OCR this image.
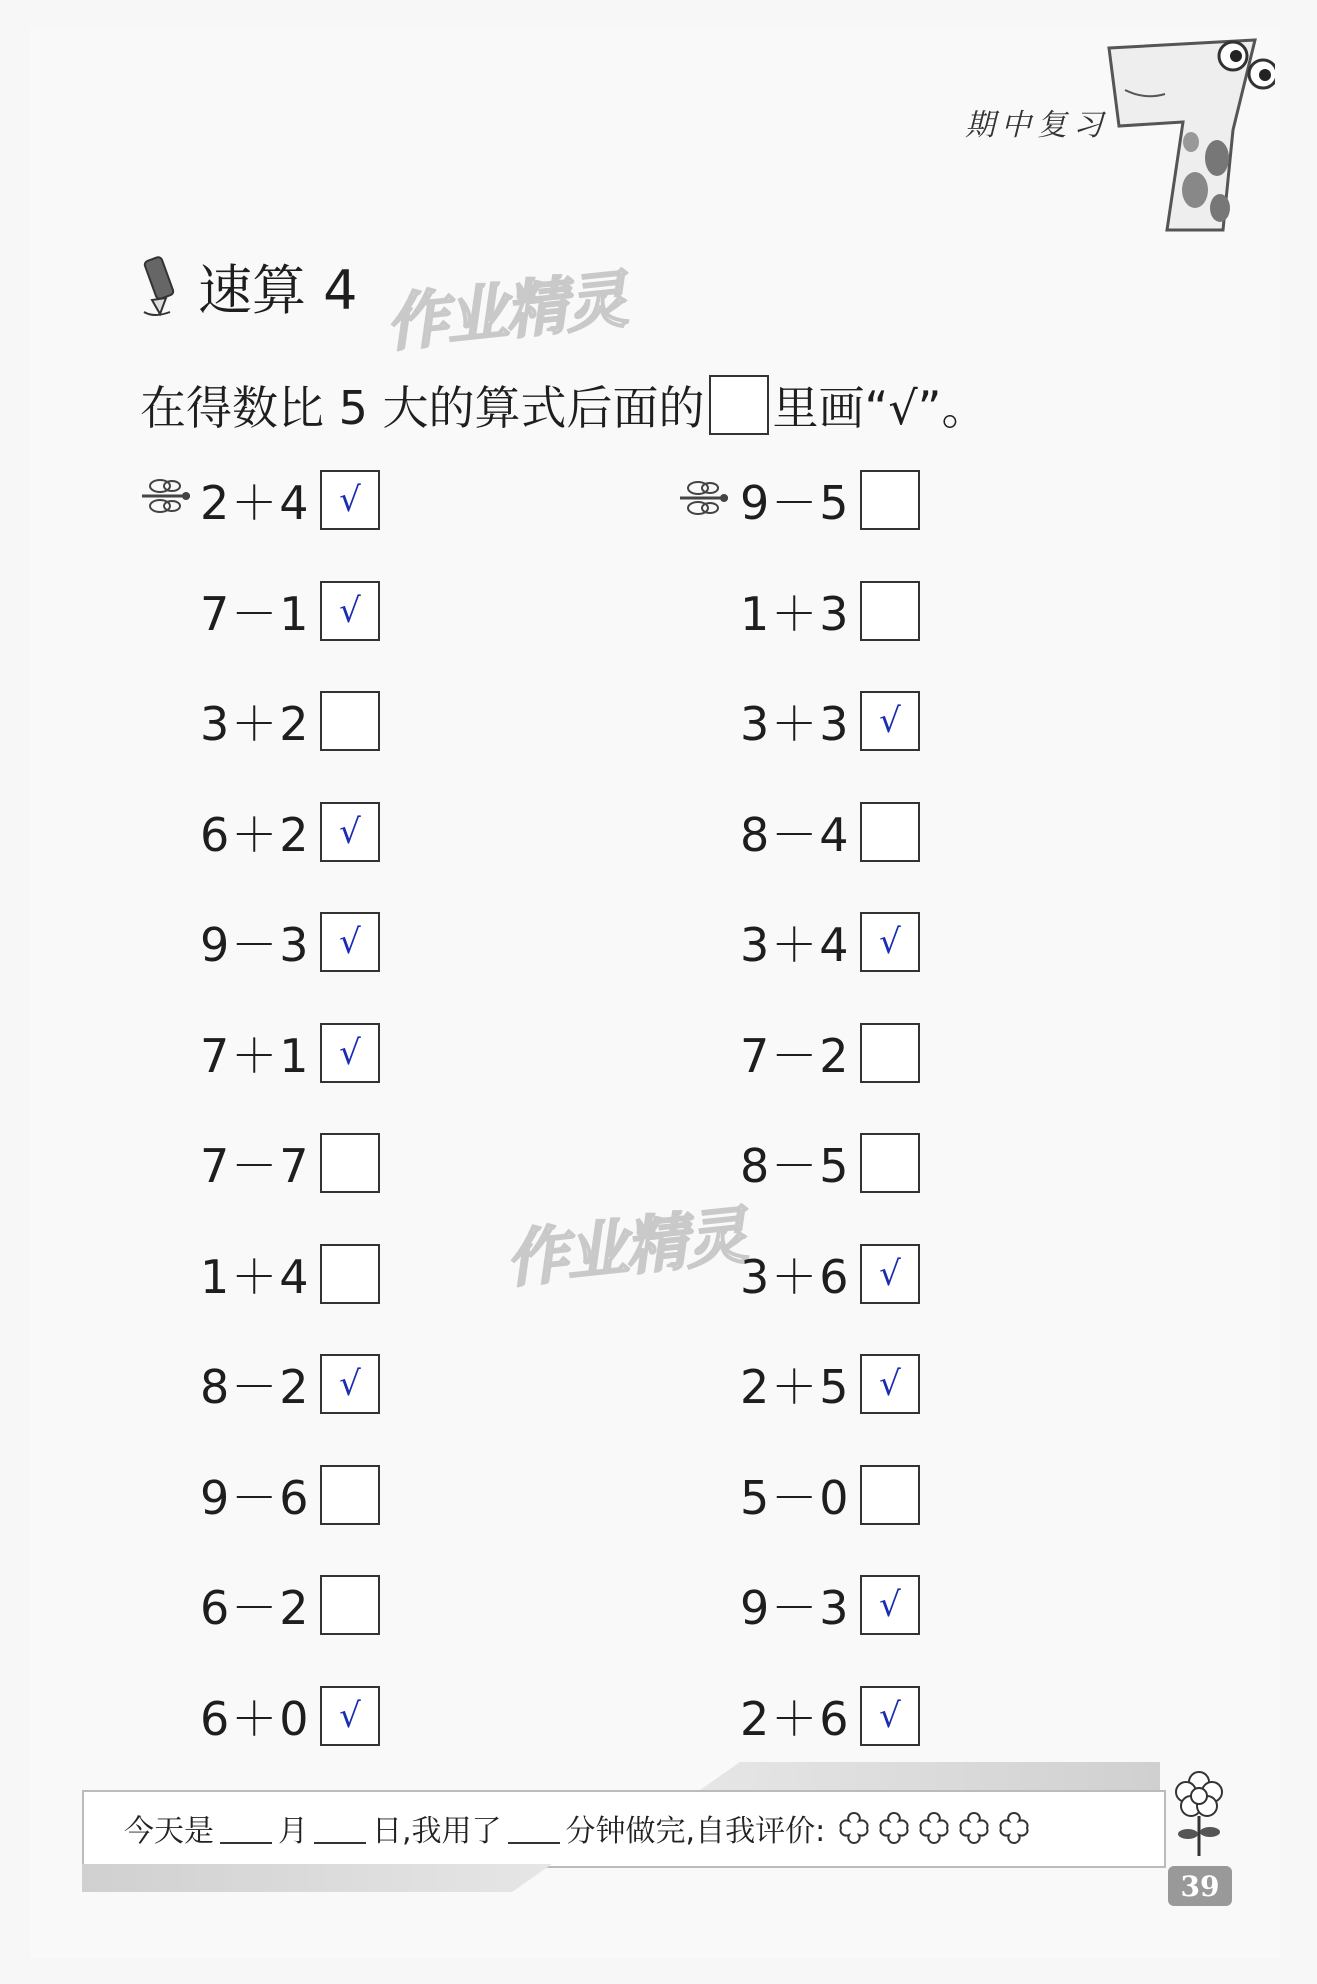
期中复习
速算 4 作业精灵
作业精灵
在得数比 5 大的算式后面的 里画“√”。
2＋4 √
7－1 √
3＋2
6＋2 √
9－3 √
7＋1 √
7－7
1＋4
8－2 √
9－6
6－2
6＋0 √
9－5
1＋3
3＋3 √
8－4
3＋4 √
7－2
8－5
3＋6 √
2＋5 √
5－0
9－3 √
2＋6 √
今天是 月 日,我用了 分钟做完,自我评价:
39
